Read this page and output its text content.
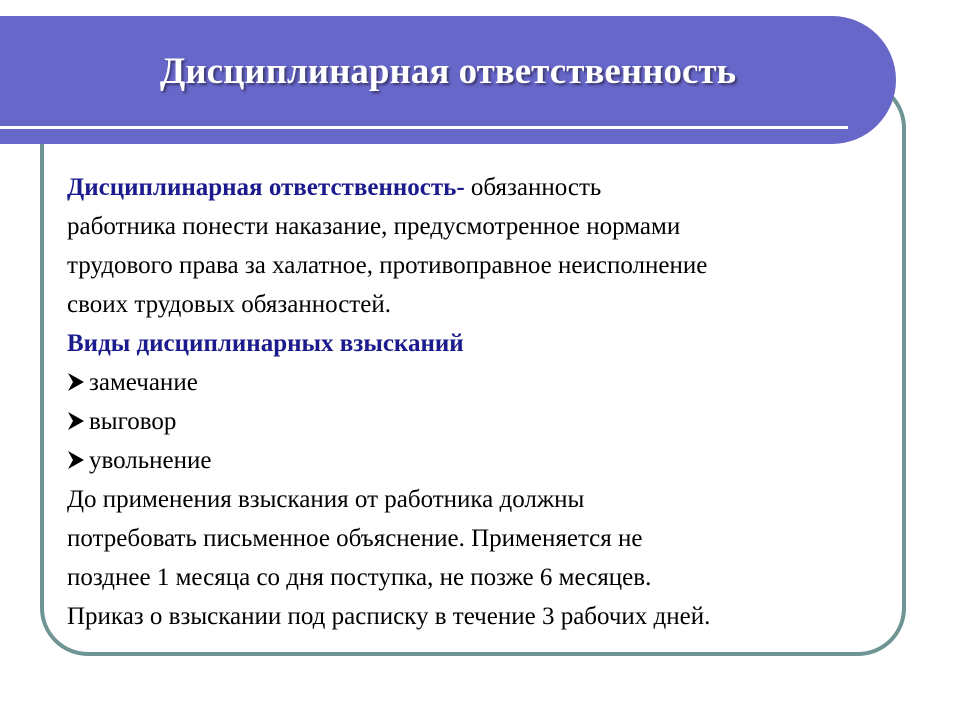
Дисциплинарная ответственность
Дисциплинарная ответственность- обязанность
работника понести наказание, предусмотренное нормами
трудового права за халатное, противоправное неисполнение
своих трудовых обязанностей.
Виды дисциплинарных взысканий
замечание
выговор
увольнение
До применения взыскания от работника должны
потребовать письменное объяснение. Применяется не
позднее 1 месяца со дня поступка, не позже 6 месяцев.
Приказ о взыскании под расписку в течение 3 рабочих дней.
